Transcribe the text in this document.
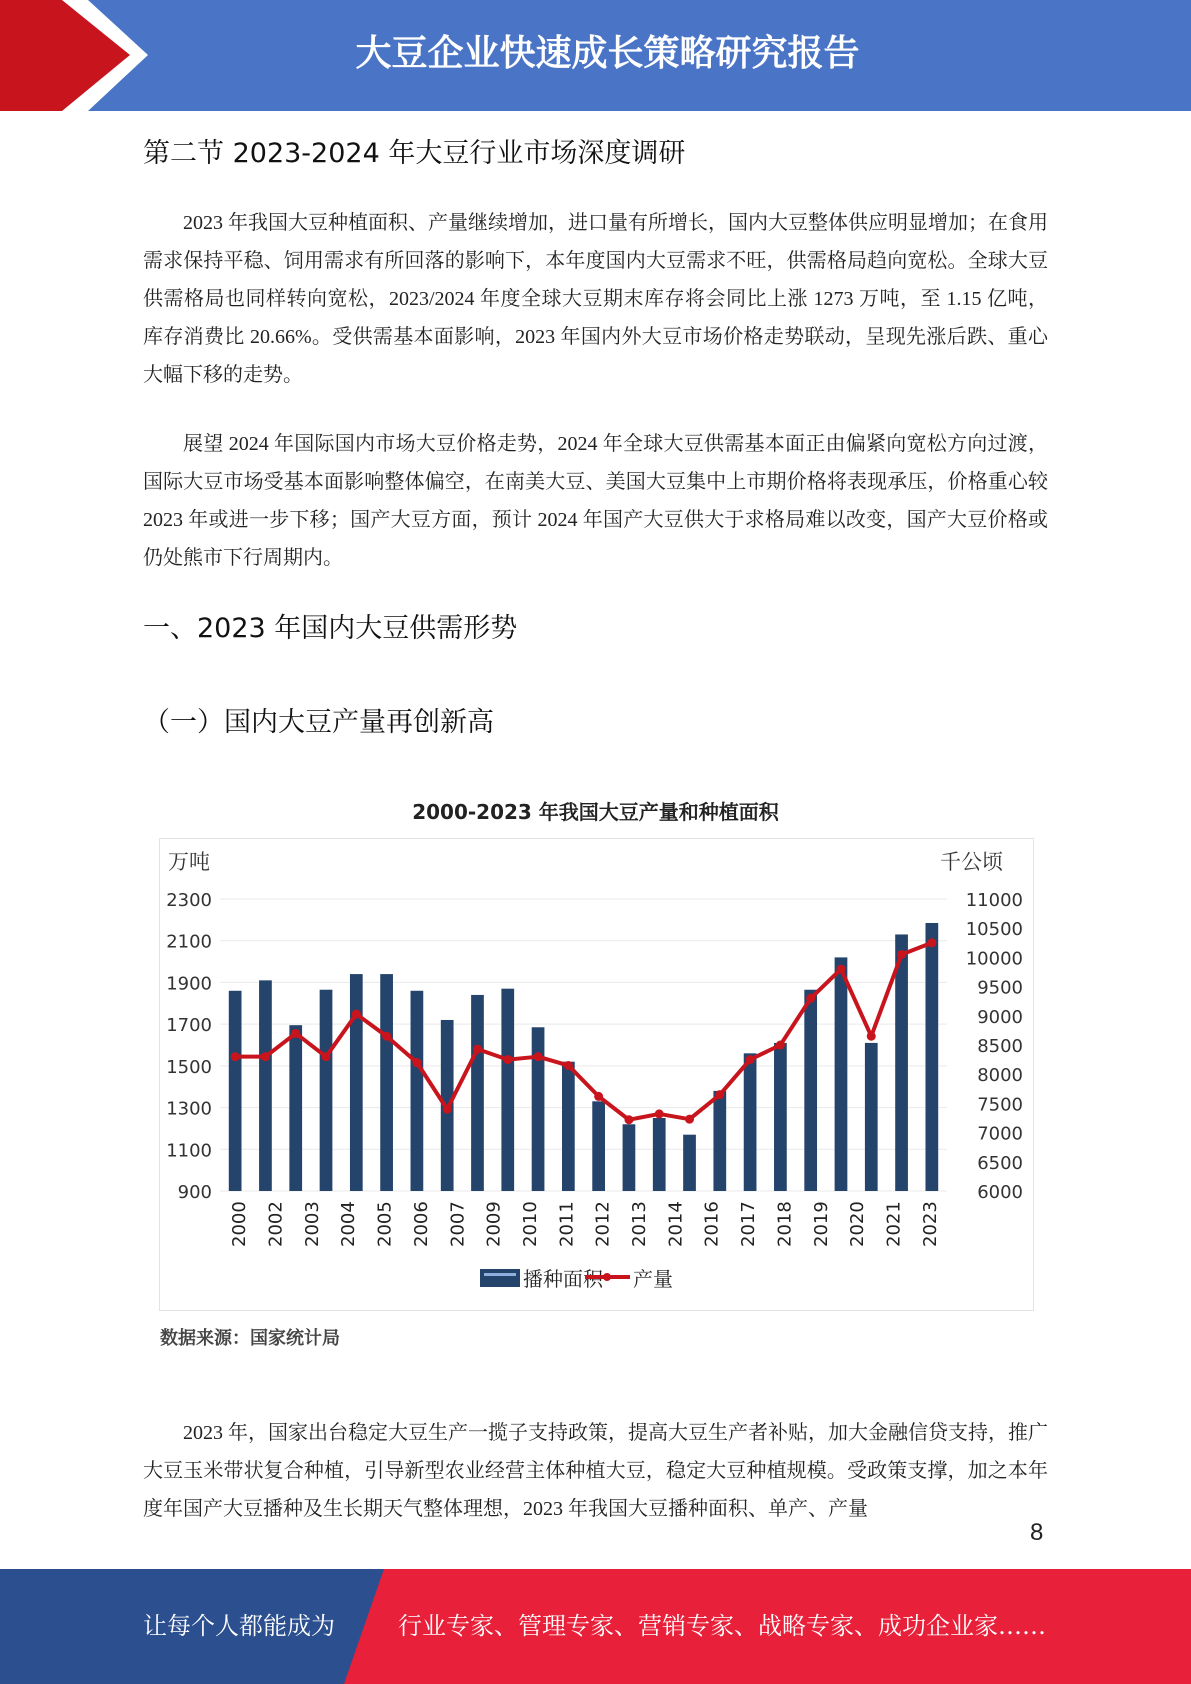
大豆企业快速成长策略研究报告
第二节 2023-2024 年大豆行业市场深度调研
2023 年我国大豆种植面积、产量继续增加，进口量有所增长，国内大豆整体供应明显增加；在食用需求保持平稳、饲用需求有所回落的影响下，本年度国内大豆需求不旺，供需格局趋向宽松。全球大豆供需格局也同样转向宽松，2023/2024 年度全球大豆期末库存将会同比上涨 1273 万吨，至 1.15 亿吨，库存消费比 20.66%。受供需基本面影响，2023 年国内外大豆市场价格走势联动，呈现先涨后跌、重心大幅下移的走势。
展望 2024 年国际国内市场大豆价格走势，2024 年全球大豆供需基本面正由偏紧向宽松方向过渡，国际大豆市场受基本面影响整体偏空，在南美大豆、美国大豆集中上市期价格将表现承压，价格重心较 2023 年或进一步下移；国产大豆方面，预计 2024 年国产大豆供大于求格局难以改变，国产大豆价格或仍处熊市下行周期内。
一、2023 年国内大豆供需形势
（一）国内大豆产量再创新高
2000-2023 年我国大豆产量和种植面积
万吨	千公顷
2300
2100
1900
1700
1500
1300
1100
900
11000
10500
10000
9500
9000
8500
8000
7500
7000
6500
6000
2000 2002 2003 2004 2005 2006 2007 2009 2010 2011 2012 2013 2014 2016 2017 2018 2019 2020 2021 2023
播种面积 产量
数据来源：国家统计局
2023 年，国家出台稳定大豆生产一揽子支持政策，提高大豆生产者补贴，加大金融信贷支持，推广大豆玉米带状复合种植，引导新型农业经营主体种植大豆，稳定大豆种植规模。受政策支撑，加之本年度年国产大豆播种及生长期天气整体理想，2023 年我国大豆播种面积、单产、产量
8
让每个人都能成为	行业专家、管理专家、营销专家、战略专家、成功企业家……
